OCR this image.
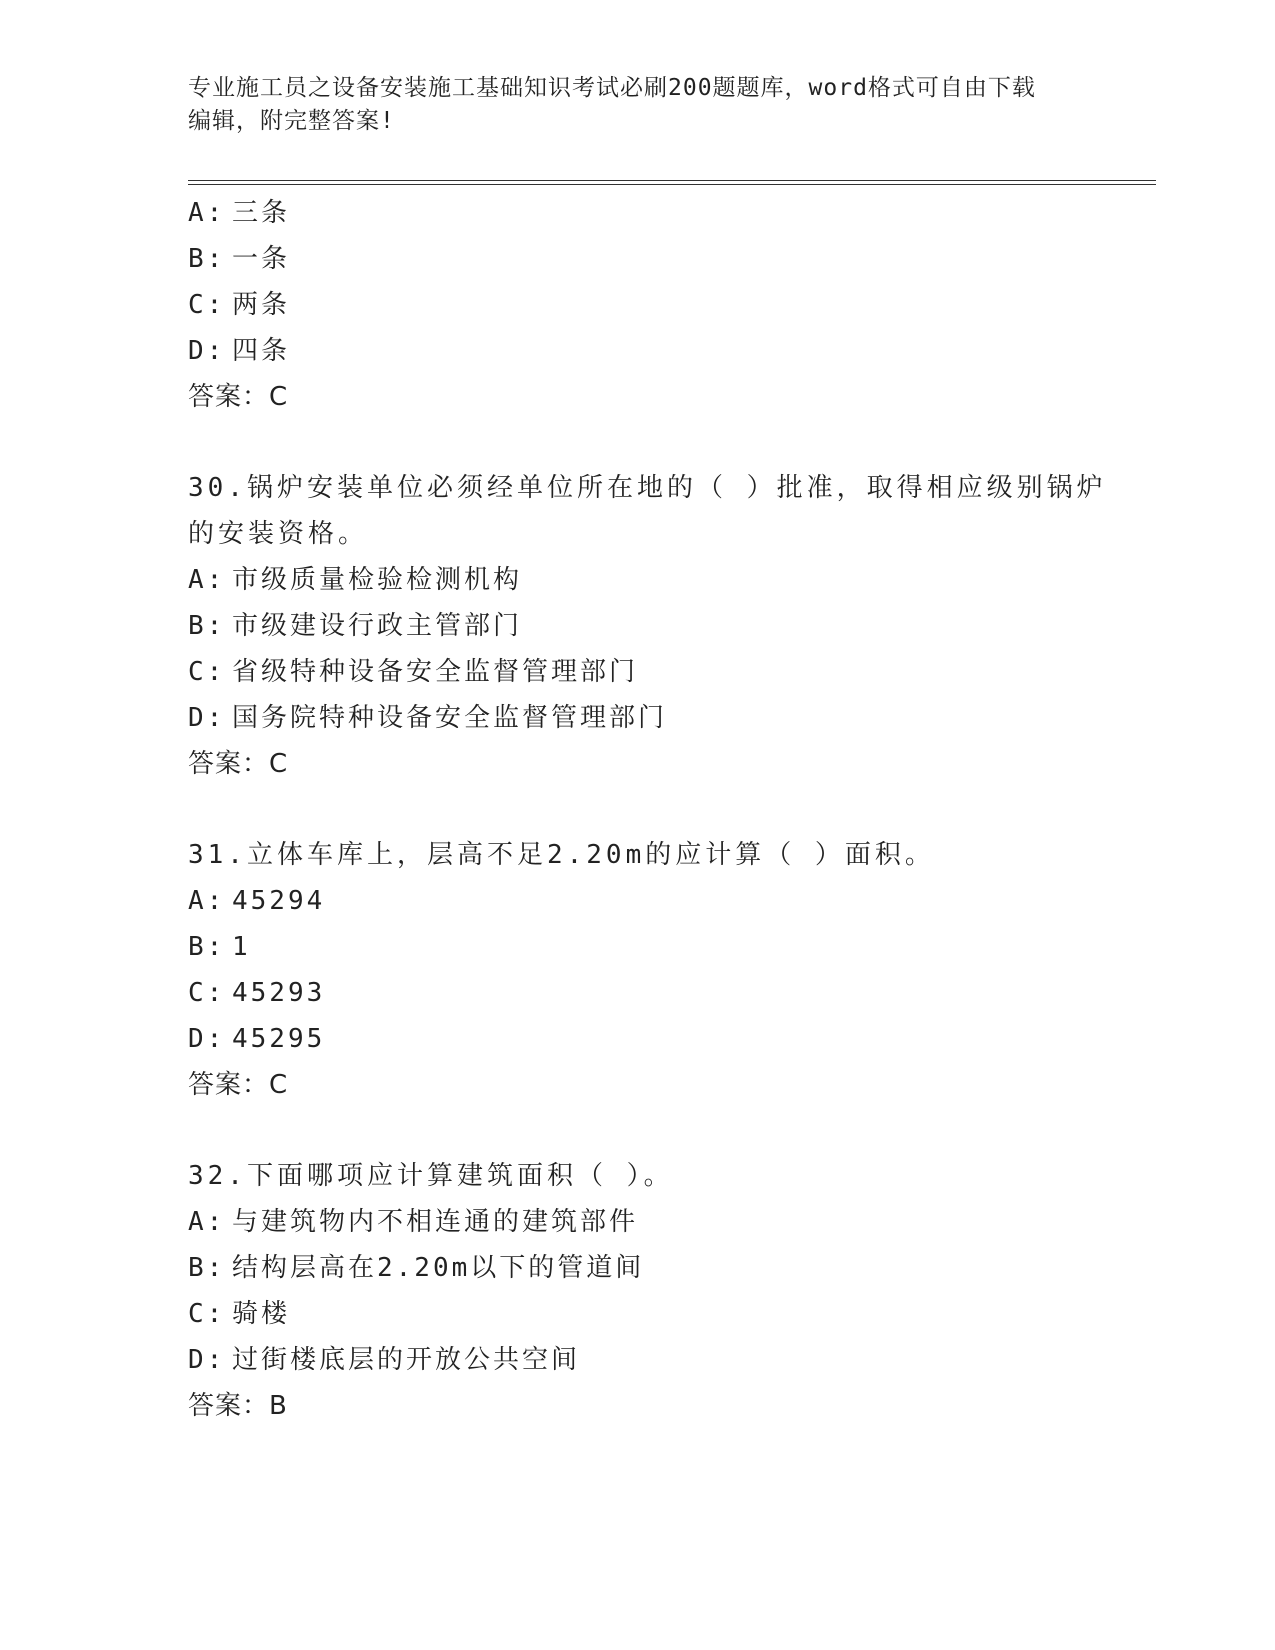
专业施工员之设备安装施工基础知识考试必刷200题题库，word格式可自由下载
编辑，附完整答案!
A: 三条
B: 一条
C: 两条
D: 四条
答案：C
30.锅炉安装单位必须经单位所在地的（ ）批准，取得相应级别锅炉
的安装资格。
A: 市级质量检验检测机构
B: 市级建设行政主管部门
C: 省级特种设备安全监督管理部门
D: 国务院特种设备安全监督管理部门
答案：C
31.立体车库上，层高不足2.20m的应计算（ ）面积。
A: 45294
B: 1
C: 45293
D: 45295
答案：C
32.下面哪项应计算建筑面积（ ）。
A: 与建筑物内不相连通的建筑部件
B: 结构层高在2.20m以下的管道间
C: 骑楼
D: 过街楼底层的开放公共空间
答案：B
